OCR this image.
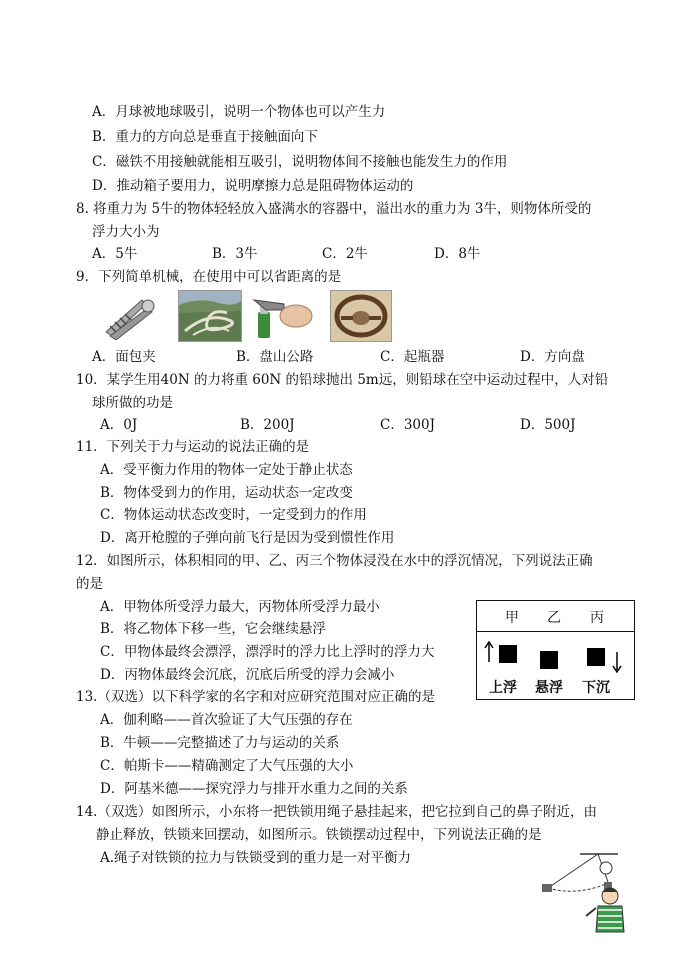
A．月球被地球吸引，说明一个物体也可以产生力
B．重力的方向总是垂直于接触面向下
C．磁铁不用接触就能相互吸引，说明物体间不接触也能发生力的作用
D．推动箱子要用力，说明摩擦力总是阻碍物体运动的
8. 将重力为 5牛的物体轻轻放入盛满水的容器中，溢出水的重力为 3牛，则物体所受的
浮力大小为
A．5牛	B．3牛	C．2牛	D．8牛
9．下列简单机械，在使用中可以省距离的是
A．面包夹	B．盘山公路	C．起瓶器	D．方向盘
10．某学生用40N 的力将重 60N 的铅球抛出 5m远，则铅球在空中运动过程中，人对铅
球所做的功是
A．0J	B．200J	C．300J	D．500J
11．下列关于力与运动的说法正确的是
A．受平衡力作用的物体一定处于静止状态
B．物体受到力的作用，运动状态一定改变
C．物体运动状态改变时，一定受到力的作用
D．离开枪膛的子弹向前飞行是因为受到惯性作用
12．如图所示，体积相同的甲、乙、丙三个物体浸没在水中的浮沉情况，下列说法正确
的是
A．甲物体所受浮力最大，丙物体所受浮力最小
B．将乙物体下移一些，它会继续悬浮
C．甲物体最终会漂浮，漂浮时的浮力比上浮时的浮力大
D．丙物体最终会沉底，沉底后所受的浮力会减小
甲 乙 丙
上浮 悬浮 下沉
13.（双选）以下科学家的名字和对应研究范围对应正确的是
A．伽利略——首次验证了大气压强的存在
B．牛顿——完整描述了力与运动的关系
C．帕斯卡——精确测定了大气压强的大小
D．阿基米德——探究浮力与排开水重力之间的关系
14.（双选）如图所示，小东将一把铁锁用绳子悬挂起来，把它拉到自己的鼻子附近，由
静止释放，铁锁来回摆动，如图所示。铁锁摆动过程中，下列说法正确的是
A.绳子对铁锁的拉力与铁锁受到的重力是一对平衡力
